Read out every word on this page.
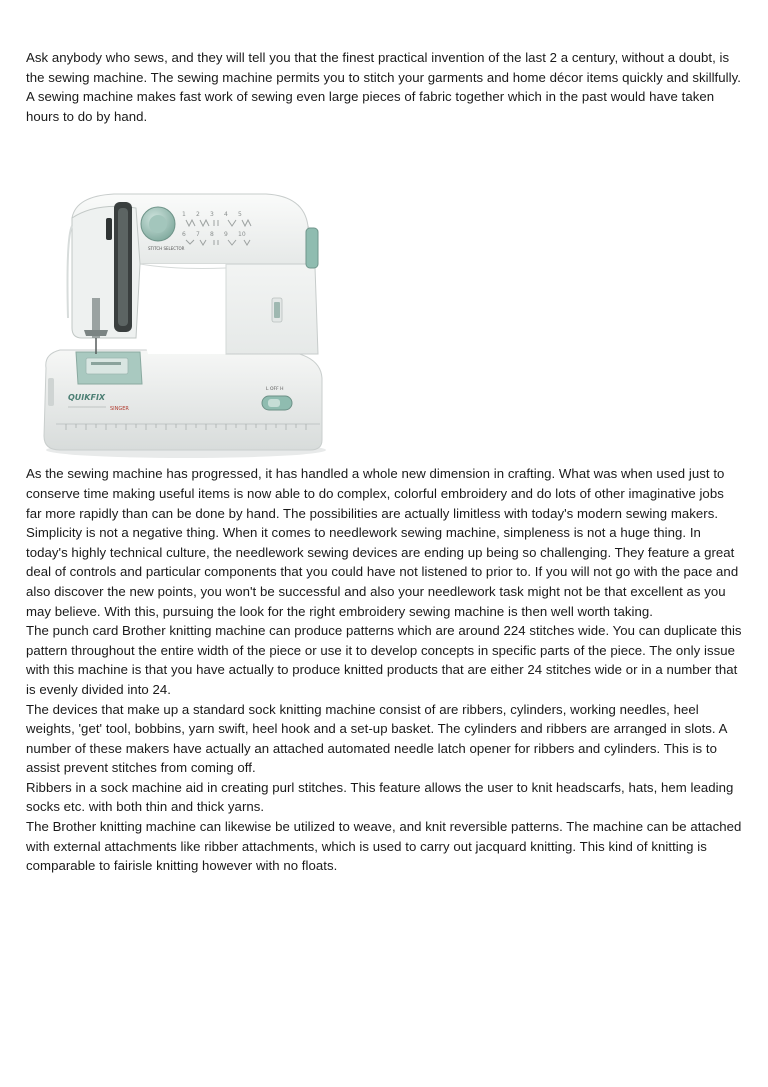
Ask anybody who sews, and they will tell you that the finest practical invention of the last 2 a century, without a doubt, is the sewing machine. The sewing machine permits you to stitch your garments and home décor items quickly and skillfully. A sewing machine makes fast work of sewing even large pieces of fabric together which in the past would have taken hours to do by hand.

STITCH SELECTOR
1 2 3 4 5
6 7 8 9 10
L OFF H
QUIKFIX
SINGER

As the sewing machine has progressed, it has handled a whole new dimension in crafting. What was when used just to conserve time making useful items is now able to do complex, colorful embroidery and do lots of other imaginative jobs far more rapidly than can be done by hand. The possibilities are actually limitless with today's modern sewing makers.

Simplicity is not a negative thing. When it comes to needlework sewing machine, simpleness is not a huge thing. In today's highly technical culture, the needlework sewing devices are ending up being so challenging. They feature a great deal of controls and particular components that you could have not listened to prior to. If you will not go with the pace and also discover the new points, you won't be successful and also your needlework task might not be that excellent as you may believe. With this, pursuing the look for the right embroidery sewing machine is then well worth taking.

The punch card Brother knitting machine can produce patterns which are around 224 stitches wide. You can duplicate this pattern throughout the entire width of the piece or use it to develop concepts in specific parts of the piece. The only issue with this machine is that you have actually to produce knitted products that are either 24 stitches wide or in a number that is evenly divided into 24.

The devices that make up a standard sock knitting machine consist of are ribbers, cylinders, working needles, heel weights, 'get' tool, bobbins, yarn swift, heel hook and a set-up basket. The cylinders and ribbers are arranged in slots. A number of these makers have actually an attached automated needle latch opener for ribbers and cylinders. This is to assist prevent stitches from coming off.

Ribbers in a sock machine aid in creating purl stitches. This feature allows the user to knit headscarfs, hats, hem leading socks etc. with both thin and thick yarns.

The Brother knitting machine can likewise be utilized to weave, and knit reversible patterns. The machine can be attached with external attachments like ribber attachments, which is used to carry out jacquard knitting. This kind of knitting is comparable to fairisle knitting however with no floats.
